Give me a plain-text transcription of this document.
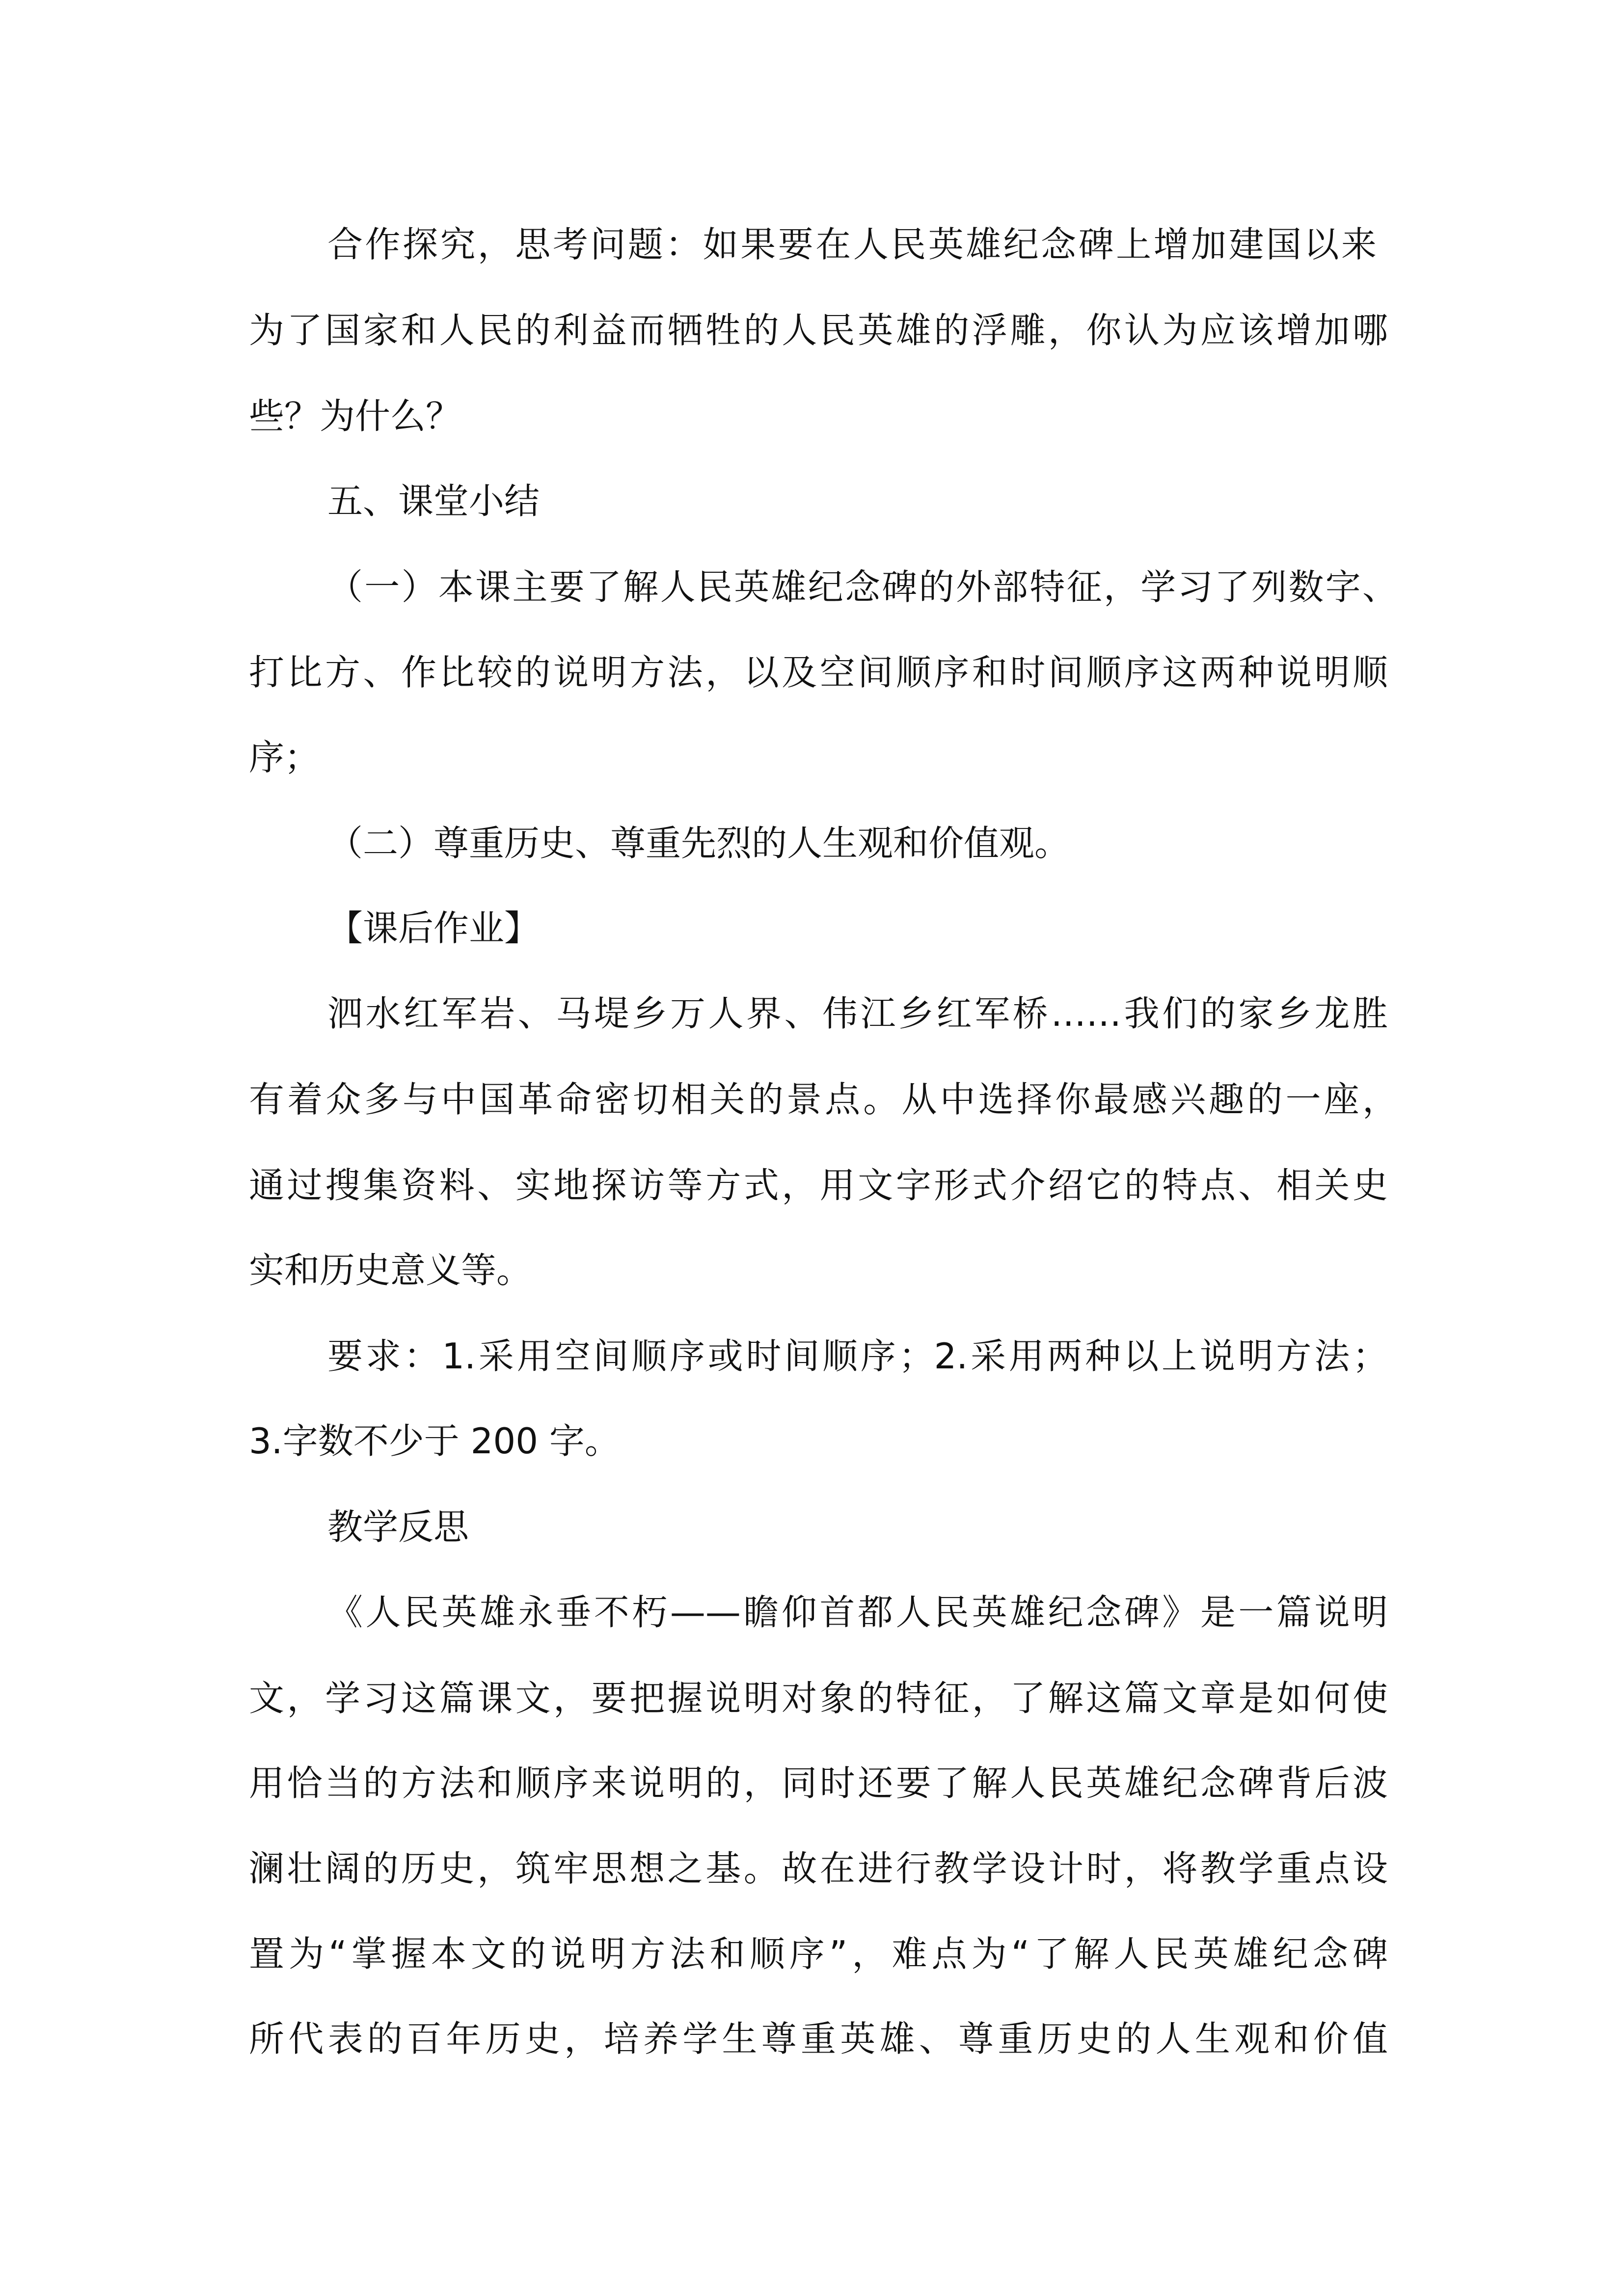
合作探究，思考问题：如果要在人民英雄纪念碑上增加建国以来

为了国家和人民的利益而牺牲的人民英雄的浮雕，你认为应该增加哪

些？为什么？

五、课堂小结

（一）本课主要了解人民英雄纪念碑的外部特征，学习了列数字、

打比方、作比较的说明方法，以及空间顺序和时间顺序这两种说明顺

序；

（二）尊重历史、尊重先烈的人生观和价值观。

【课后作业】

泗水红军岩、马堤乡万人界、伟江乡红军桥……我们的家乡龙胜

有着众多与中国革命密切相关的景点。从中选择你最感兴趣的一座，

通过搜集资料、实地探访等方式，用文字形式介绍它的特点、相关史

实和历史意义等。

要求：1.采用空间顺序或时间顺序；2.采用两种以上说明方法；

3.字数不少于 200 字。

教学反思

《人民英雄永垂不朽——瞻仰首都人民英雄纪念碑》是一篇说明

文，学习这篇课文，要把握说明对象的特征，了解这篇文章是如何使

用恰当的方法和顺序来说明的，同时还要了解人民英雄纪念碑背后波

澜壮阔的历史，筑牢思想之基。故在进行教学设计时，将教学重点设

置为“掌握本文的说明方法和顺序”，难点为“了解人民英雄纪念碑

所代表的百年历史，培养学生尊重英雄、尊重历史的人生观和价值
